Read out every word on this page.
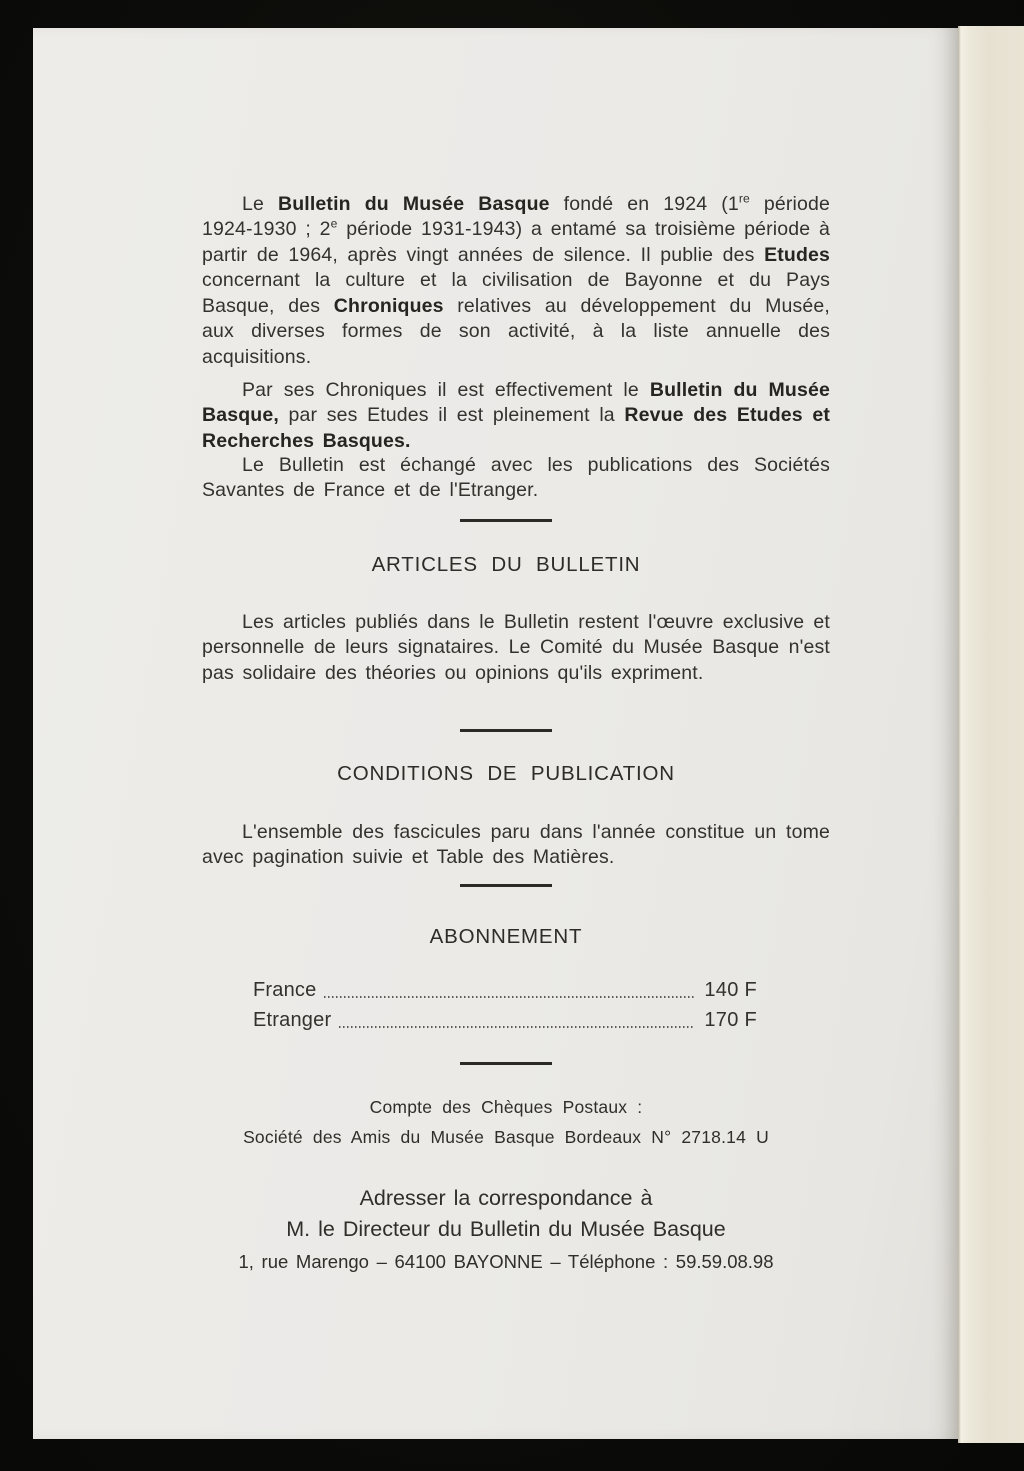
Le Bulletin du Musée Basque fondé en 1924 (1re période 1924-1930 ; 2e période 1931-1943) a entamé sa troisième période à partir de 1964, après vingt années de silence. Il publie des Etudes concernant la culture et la civilisation de Bayonne et du Pays Basque, des Chroniques relatives au développement du Musée, aux diverses formes de son activité, à la liste annuelle des acquisitions.

Par ses Chroniques il est effectivement le Bulletin du Musée Basque, par ses Etudes il est pleinement la Revue des Etudes et Recherches Basques.

Le Bulletin est échangé avec les publications des Sociétés Savantes de France et de l'Etranger.

ARTICLES DU BULLETIN

Les articles publiés dans le Bulletin restent l'œuvre exclusive et personnelle de leurs signataires. Le Comité du Musée Basque n'est pas solidaire des théories ou opinions qu'ils expriment.

CONDITIONS DE PUBLICATION

L'ensemble des fascicules paru dans l'année constitue un tome avec pagination suivie et Table des Matières.

ABONNEMENT
France	140 F
Etranger	170 F
Compte des Chèques Postaux :
Société des Amis du Musée Basque Bordeaux N° 2718.14 U
Adresser la correspondance à
M. le Directeur du Bulletin du Musée Basque
1, rue Marengo – 64100 BAYONNE – Téléphone : 59.59.08.98
